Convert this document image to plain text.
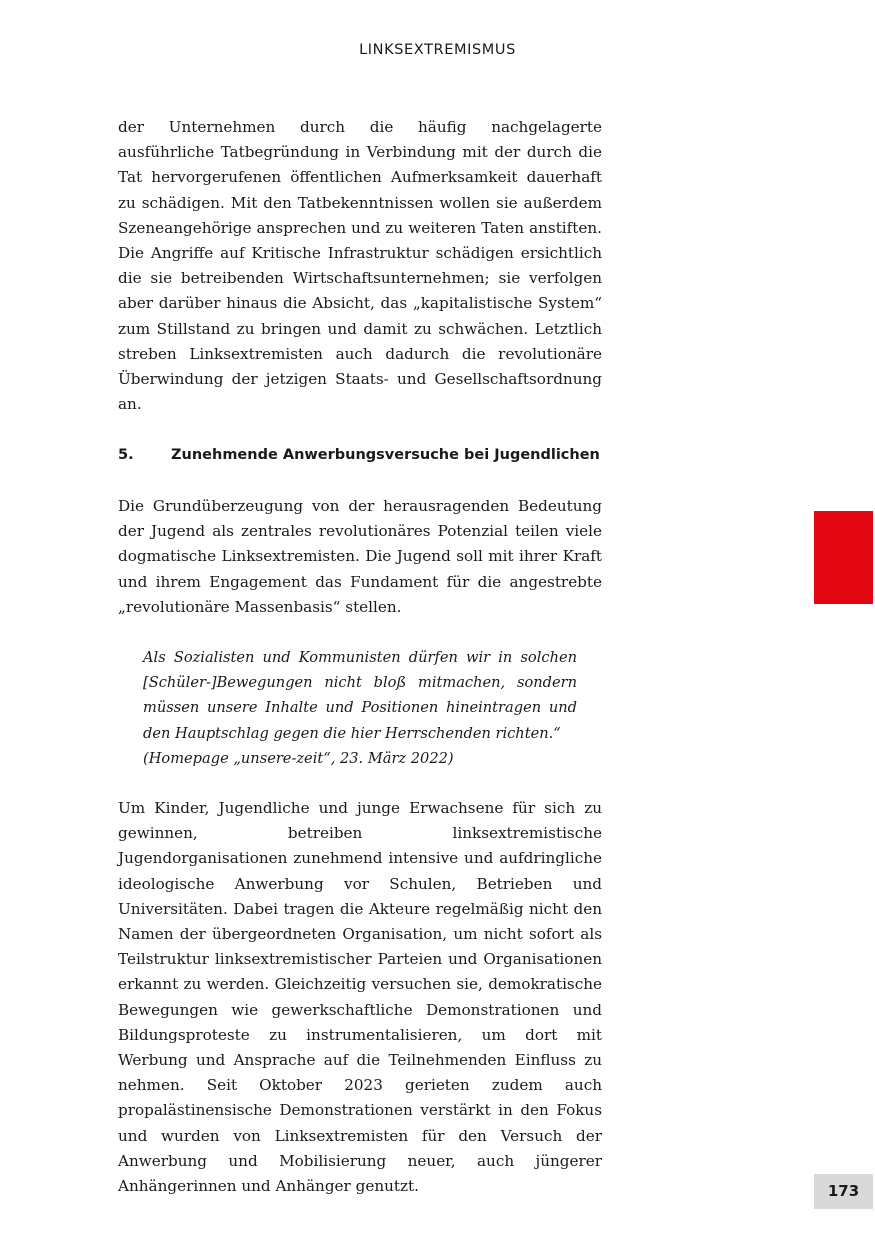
LINKSEXTREMISMUS

der Unternehmen durch die häufig nachgelagerte ausführliche Tatbegründung in Verbindung mit der durch die Tat hervorgerufenen öffentlichen Aufmerksamkeit dauerhaft zu schädigen. Mit den Tatbekenntnissen wollen sie außerdem Szeneangehörige ansprechen und zu weiteren Taten anstiften. Die Angriffe auf Kritische Infrastruktur schädigen ersichtlich die sie betreibenden Wirtschaftsunternehmen; sie verfolgen aber darüber hinaus die Absicht, das „kapitalistische System“ zum Stillstand zu bringen und damit zu schwächen. Letztlich streben Linksextremisten auch dadurch die revolutionäre Überwindung der jetzigen Staats- und Gesellschaftsordnung an.

5.	Zunehmende Anwerbungsversuche bei Jugendlichen

Die Grundüberzeugung von der herausragenden Bedeutung der Jugend als zentrales revolutionäres Potenzial teilen viele dogmatische Linksextremisten. Die Jugend soll mit ihrer Kraft und ihrem Engagement das Fundament für die angestrebte „revolutionäre Massenbasis“ stellen.

Als Sozialisten und Kommunisten dürfen wir in solchen [Schüler-]Bewegungen nicht bloß mitmachen, sondern müssen unsere Inhalte und Positionen hineintragen und den Hauptschlag gegen die hier Herrschenden richten.“

(Homepage „unsere-zeit“, 23. März 2022)

Um Kinder, Jugendliche und junge Erwachsene für sich zu gewinnen, betreiben linksextremistische Jugendorganisationen zunehmend intensive und aufdringliche ideologische Anwerbung vor Schulen, Betrieben und Universitäten. Dabei tragen die Akteure regelmäßig nicht den Namen der übergeordneten Organisation, um nicht sofort als Teilstruktur linksextremistischer Parteien und Organisationen erkannt zu werden. Gleichzeitig versuchen sie, demokratische Bewegungen wie gewerkschaftliche Demonstrationen und Bildungsproteste zu instrumentalisieren, um dort mit Werbung und Ansprache auf die Teilnehmenden Einfluss zu nehmen. Seit Oktober 2023 gerieten zudem auch propalästinensische Demonstrationen verstärkt in den Fokus und wurden von Linksextremisten für den Versuch der Anwerbung und Mobilisierung neuer, auch jüngerer Anhängerinnen und Anhänger genutzt.	173
